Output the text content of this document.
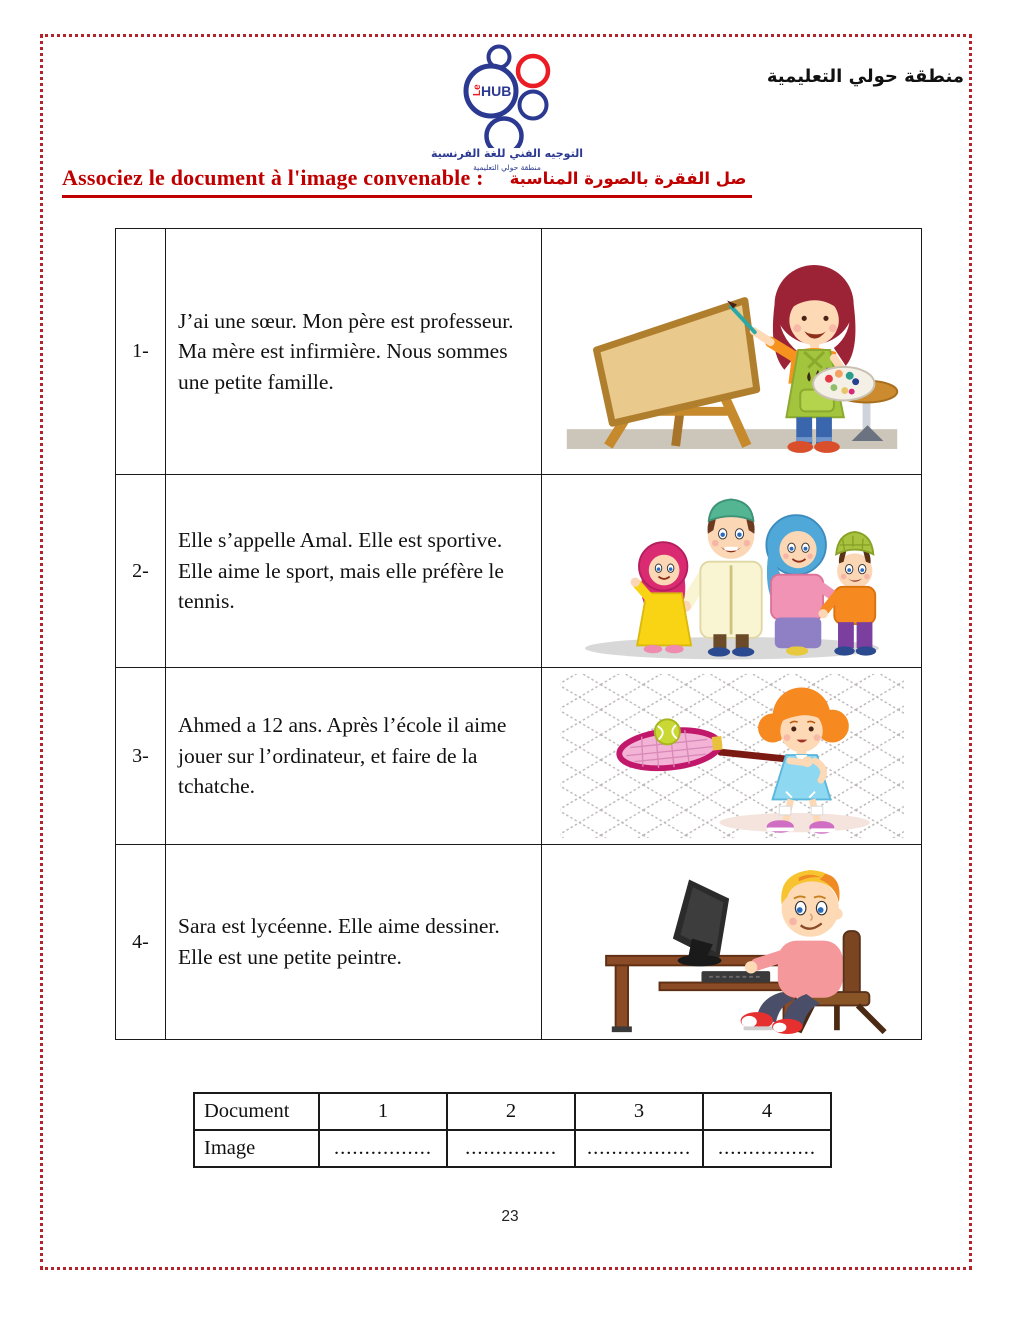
Le
HUB
التوجيه الفني للغة الفرنسية
منطقة حولي التعليمية
منطقة حولي التعليمية
Associez le document à l'image convenable : صل الفقرة بالصورة المناسبة
1-	J’ai une sœur. Mon père est professeur. Ma mère est infirmière. Nous sommes une petite famille.	

2-	Elle s’appelle Amal. Elle est sportive. Elle aime le sport, mais elle préfère le tennis.	

3-	Ahmed a 12 ans. Après l’école il aime jouer sur l’ordinateur, et faire de la tchatche.	

4-	Sara est lycéenne. Elle aime dessiner. Elle est une petite peintre.	
Document	1	2	3	4
Image	................	...............	.................	................
23
